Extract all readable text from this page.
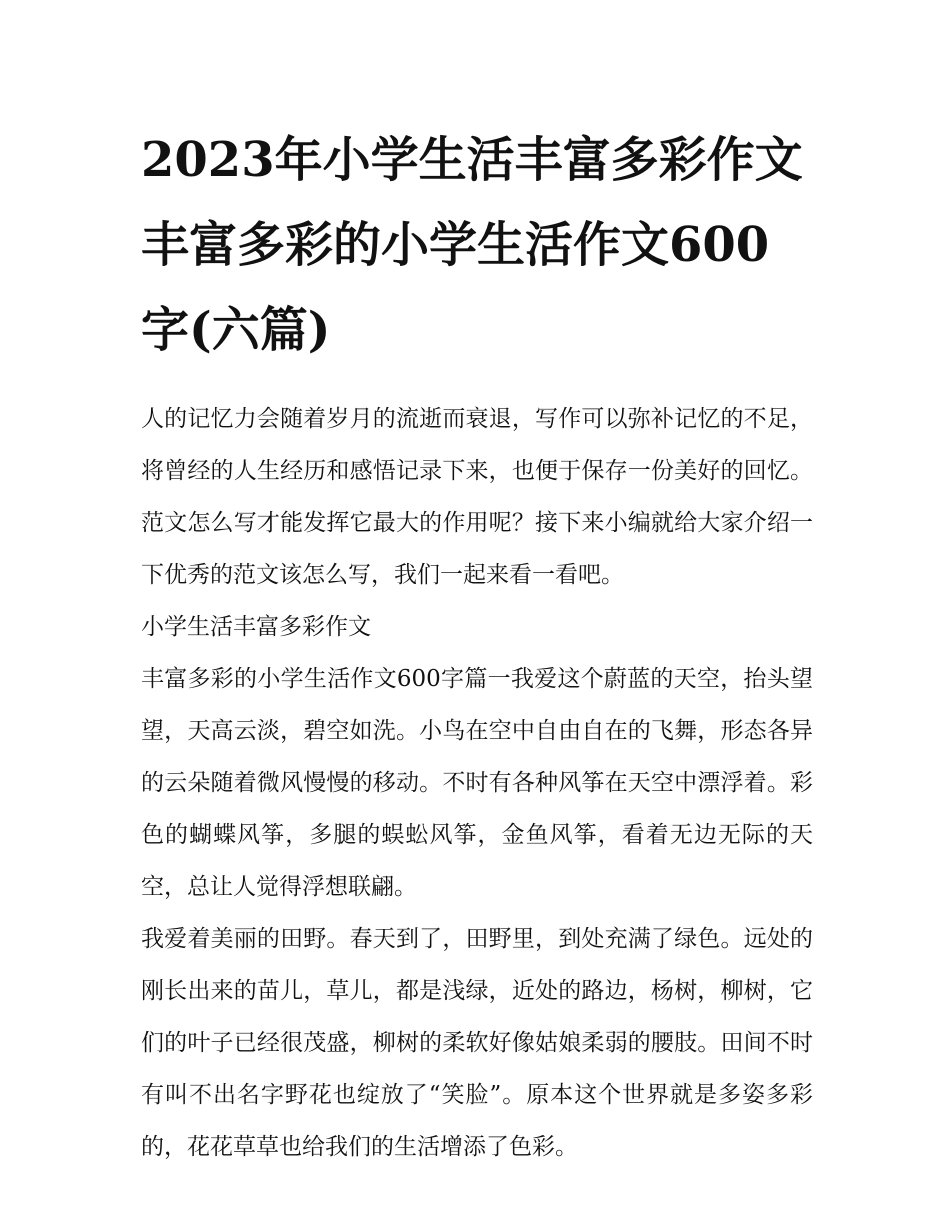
2023年小学生活丰富多彩作文 丰富多彩的小学生活作文600字(六篇)

人的记忆力会随着岁月的流逝而衰退，写作可以弥补记忆的不足，将曾经的人生经历和感悟记录下来，也便于保存一份美好的回忆。范文怎么写才能发挥它最大的作用呢？接下来小编就给大家介绍一下优秀的范文该怎么写，我们一起来看一看吧。

小学生活丰富多彩作文

丰富多彩的小学生活作文600字篇一我爱这个蔚蓝的天空，抬头望望，天高云淡，碧空如洗。小鸟在空中自由自在的飞舞，形态各异的云朵随着微风慢慢的移动。不时有各种风筝在天空中漂浮着。彩色的蝴蝶风筝，多腿的蜈蚣风筝，金鱼风筝，看着无边无际的天空，总让人觉得浮想联翩。

我爱着美丽的田野。春天到了，田野里，到处充满了绿色。远处的刚长出来的苗儿，草儿，都是浅绿，近处的路边，杨树，柳树，它们的叶子已经很茂盛，柳树的柔软好像姑娘柔弱的腰肢。田间不时有叫不出名字野花也绽放了“笑脸”。原本这个世界就是多姿多彩的，花花草草也给我们的生活增添了色彩。
